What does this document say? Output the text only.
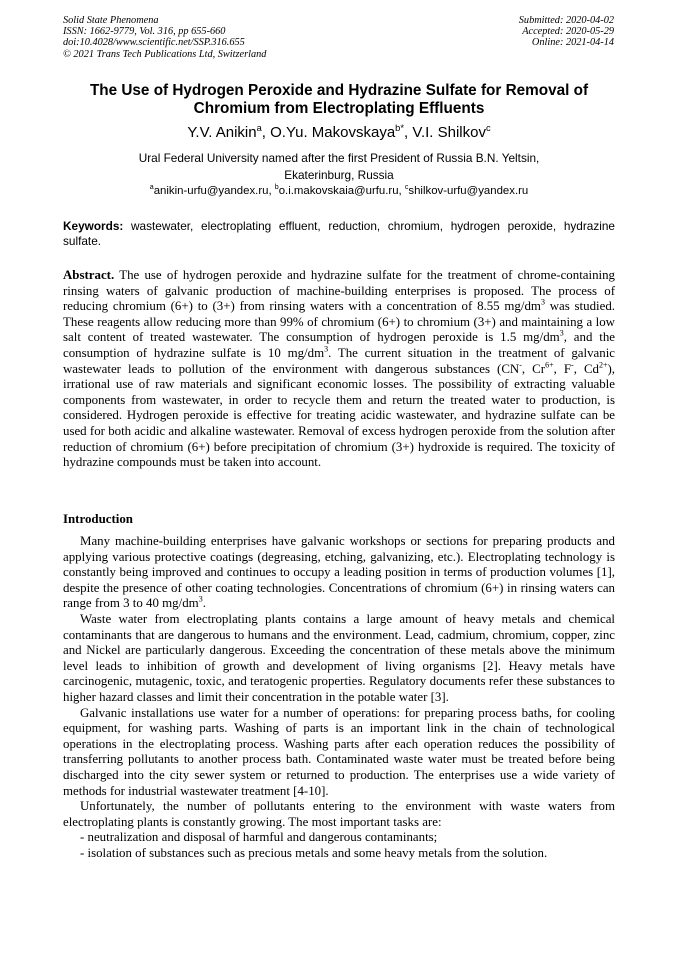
Solid State Phenomena
ISSN: 1662-9779, Vol. 316, pp 655-660
doi:10.4028/www.scientific.net/SSP.316.655
© 2021 Trans Tech Publications Ltd, Switzerland
Submitted: 2020-04-02
Accepted: 2020-05-29
Online: 2021-04-14
The Use of Hydrogen Peroxide and Hydrazine Sulfate for Removal of Chromium from Electroplating Effluents
Y.V. Anikin$^a$, O.Yu. Makovskaya$^{b*}$, V.I. Shilkov$^c$
Ural Federal University named after the first President of Russia B.N. Yeltsin,
Ekaterinburg, Russia
$^a$anikin-urfu@yandex.ru, $^b$o.i.makovskaia@urfu.ru, $^c$shilkov-urfu@yandex.ru
Keywords: wastewater, electroplating effluent, reduction, chromium, hydrogen peroxide, hydrazine sulfate.

Abstract. The use of hydrogen peroxide and hydrazine sulfate for the treatment of chrome-containing rinsing waters of galvanic production of machine-building enterprises is proposed. The process of reducing chromium (6+) to (3+) from rinsing waters with a concentration of 8.55 $mg/dm^3$ was studied. These reagents allow reducing more than 99% of chromium (6+) to chromium (3+) and maintaining a low salt content of treated wastewater. The consumption of hydrogen peroxide is 1.5 $mg/dm^3$, and the consumption of hydrazine sulfate is 10 $mg/dm^3$. The current situation in the treatment of galvanic wastewater leads to pollution of the environment with dangerous substances (CN-, $Cr^{6+}$, F-, $Cd^{2+}$), irrational use of raw materials and significant economic losses. The possibility of extracting valuable components from wastewater, in order to recycle them and return the treated water to production, is considered. Hydrogen peroxide is effective for treating acidic wastewater, and hydrazine sulfate can be used for both acidic and alkaline wastewater. Removal of excess hydrogen peroxide from the solution after reduction of chromium (6+) before precipitation of chromium (3+) hydroxide is required. The toxicity of hydrazine compounds must be taken into account.

Introduction

Many machine-building enterprises have galvanic workshops or sections for preparing products and applying various protective coatings (degreasing, etching, galvanizing, etc.). Electroplating technology is constantly being improved and continues to occupy a leading position in terms of production volumes [1], despite the presence of other coating technologies. Concentrations of chromium (6+) in rinsing waters can range from 3 to 40 $mg/dm^3$.

Waste water from electroplating plants contains a large amount of heavy metals and chemical contaminants that are dangerous to humans and the environment. Lead, cadmium, chromium, copper, zinc and Nickel are particularly dangerous. Exceeding the concentration of these metals above the minimum level leads to inhibition of growth and development of living organisms [2]. Heavy metals have carcinogenic, mutagenic, toxic, and teratogenic properties. Regulatory documents refer these substances to higher hazard classes and limit their concentration in the potable water [3].

Galvanic installations use water for a number of operations: for preparing process baths, for cooling equipment, for washing parts. Washing of parts is an important link in the chain of technological operations in the electroplating process. Washing parts after each operation reduces the possibility of transferring pollutants to another process bath. Contaminated waste water must be treated before being discharged into the city sewer system or returned to production. The enterprises use a wide variety of methods for industrial wastewater treatment [4-10].

Unfortunately, the number of pollutants entering to the environment with waste waters from electroplating plants is constantly growing. The most important tasks are:

- neutralization and disposal of harmful and dangerous contaminants;

- isolation of substances such as precious metals and some heavy metals from the solution.
